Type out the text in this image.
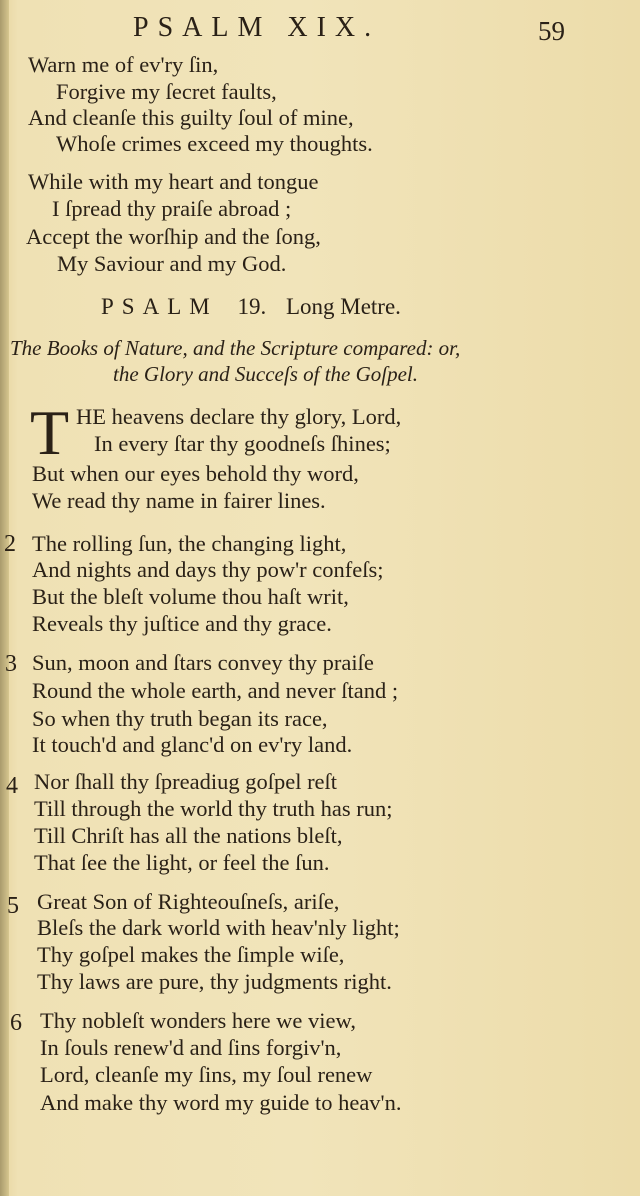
PSALM XIX.	59
Warn me of ev'ry ſin,
Forgive my ſecret faults,
And cleanſe this guilty ſoul of mine,
Whoſe crimes exceed my thoughts.
While with my heart and tongue
I ſpread thy praiſe abroad ;
Accept the worſhip and the ſong,
My Saviour and my God.
PSALM 19. Long Metre.
The Books of Nature, and the Scripture compared: or,
the Glory and Succeſs of the Goſpel.
T HE heavens declare thy glory, Lord,
In every ſtar thy goodneſs ſhines;
But when our eyes behold thy word,
We read thy name in fairer lines.
2 The rolling ſun, the changing light,
And nights and days thy pow'r confeſs;
But the bleſt volume thou haſt writ,
Reveals thy juſtice and thy grace.
3 Sun, moon and ſtars convey thy praiſe
Round the whole earth, and never ſtand ;
So when thy truth began its race,
It touch'd and glanc'd on ev'ry land.
4 Nor ſhall thy ſpreadiug goſpel reſt
Till through the world thy truth has run;
Till Chriſt has all the nations bleſt,
That ſee the light, or feel the ſun.
5 Great Son of Righteouſneſs, ariſe,
Bleſs the dark world with heav'nly light;
Thy goſpel makes the ſimple wiſe,
Thy laws are pure, thy judgments right.
6 Thy nobleſt wonders here we view,
In ſouls renew'd and ſins forgiv'n,
Lord, cleanſe my ſins, my ſoul renew
And make thy word my guide to heav'n.
